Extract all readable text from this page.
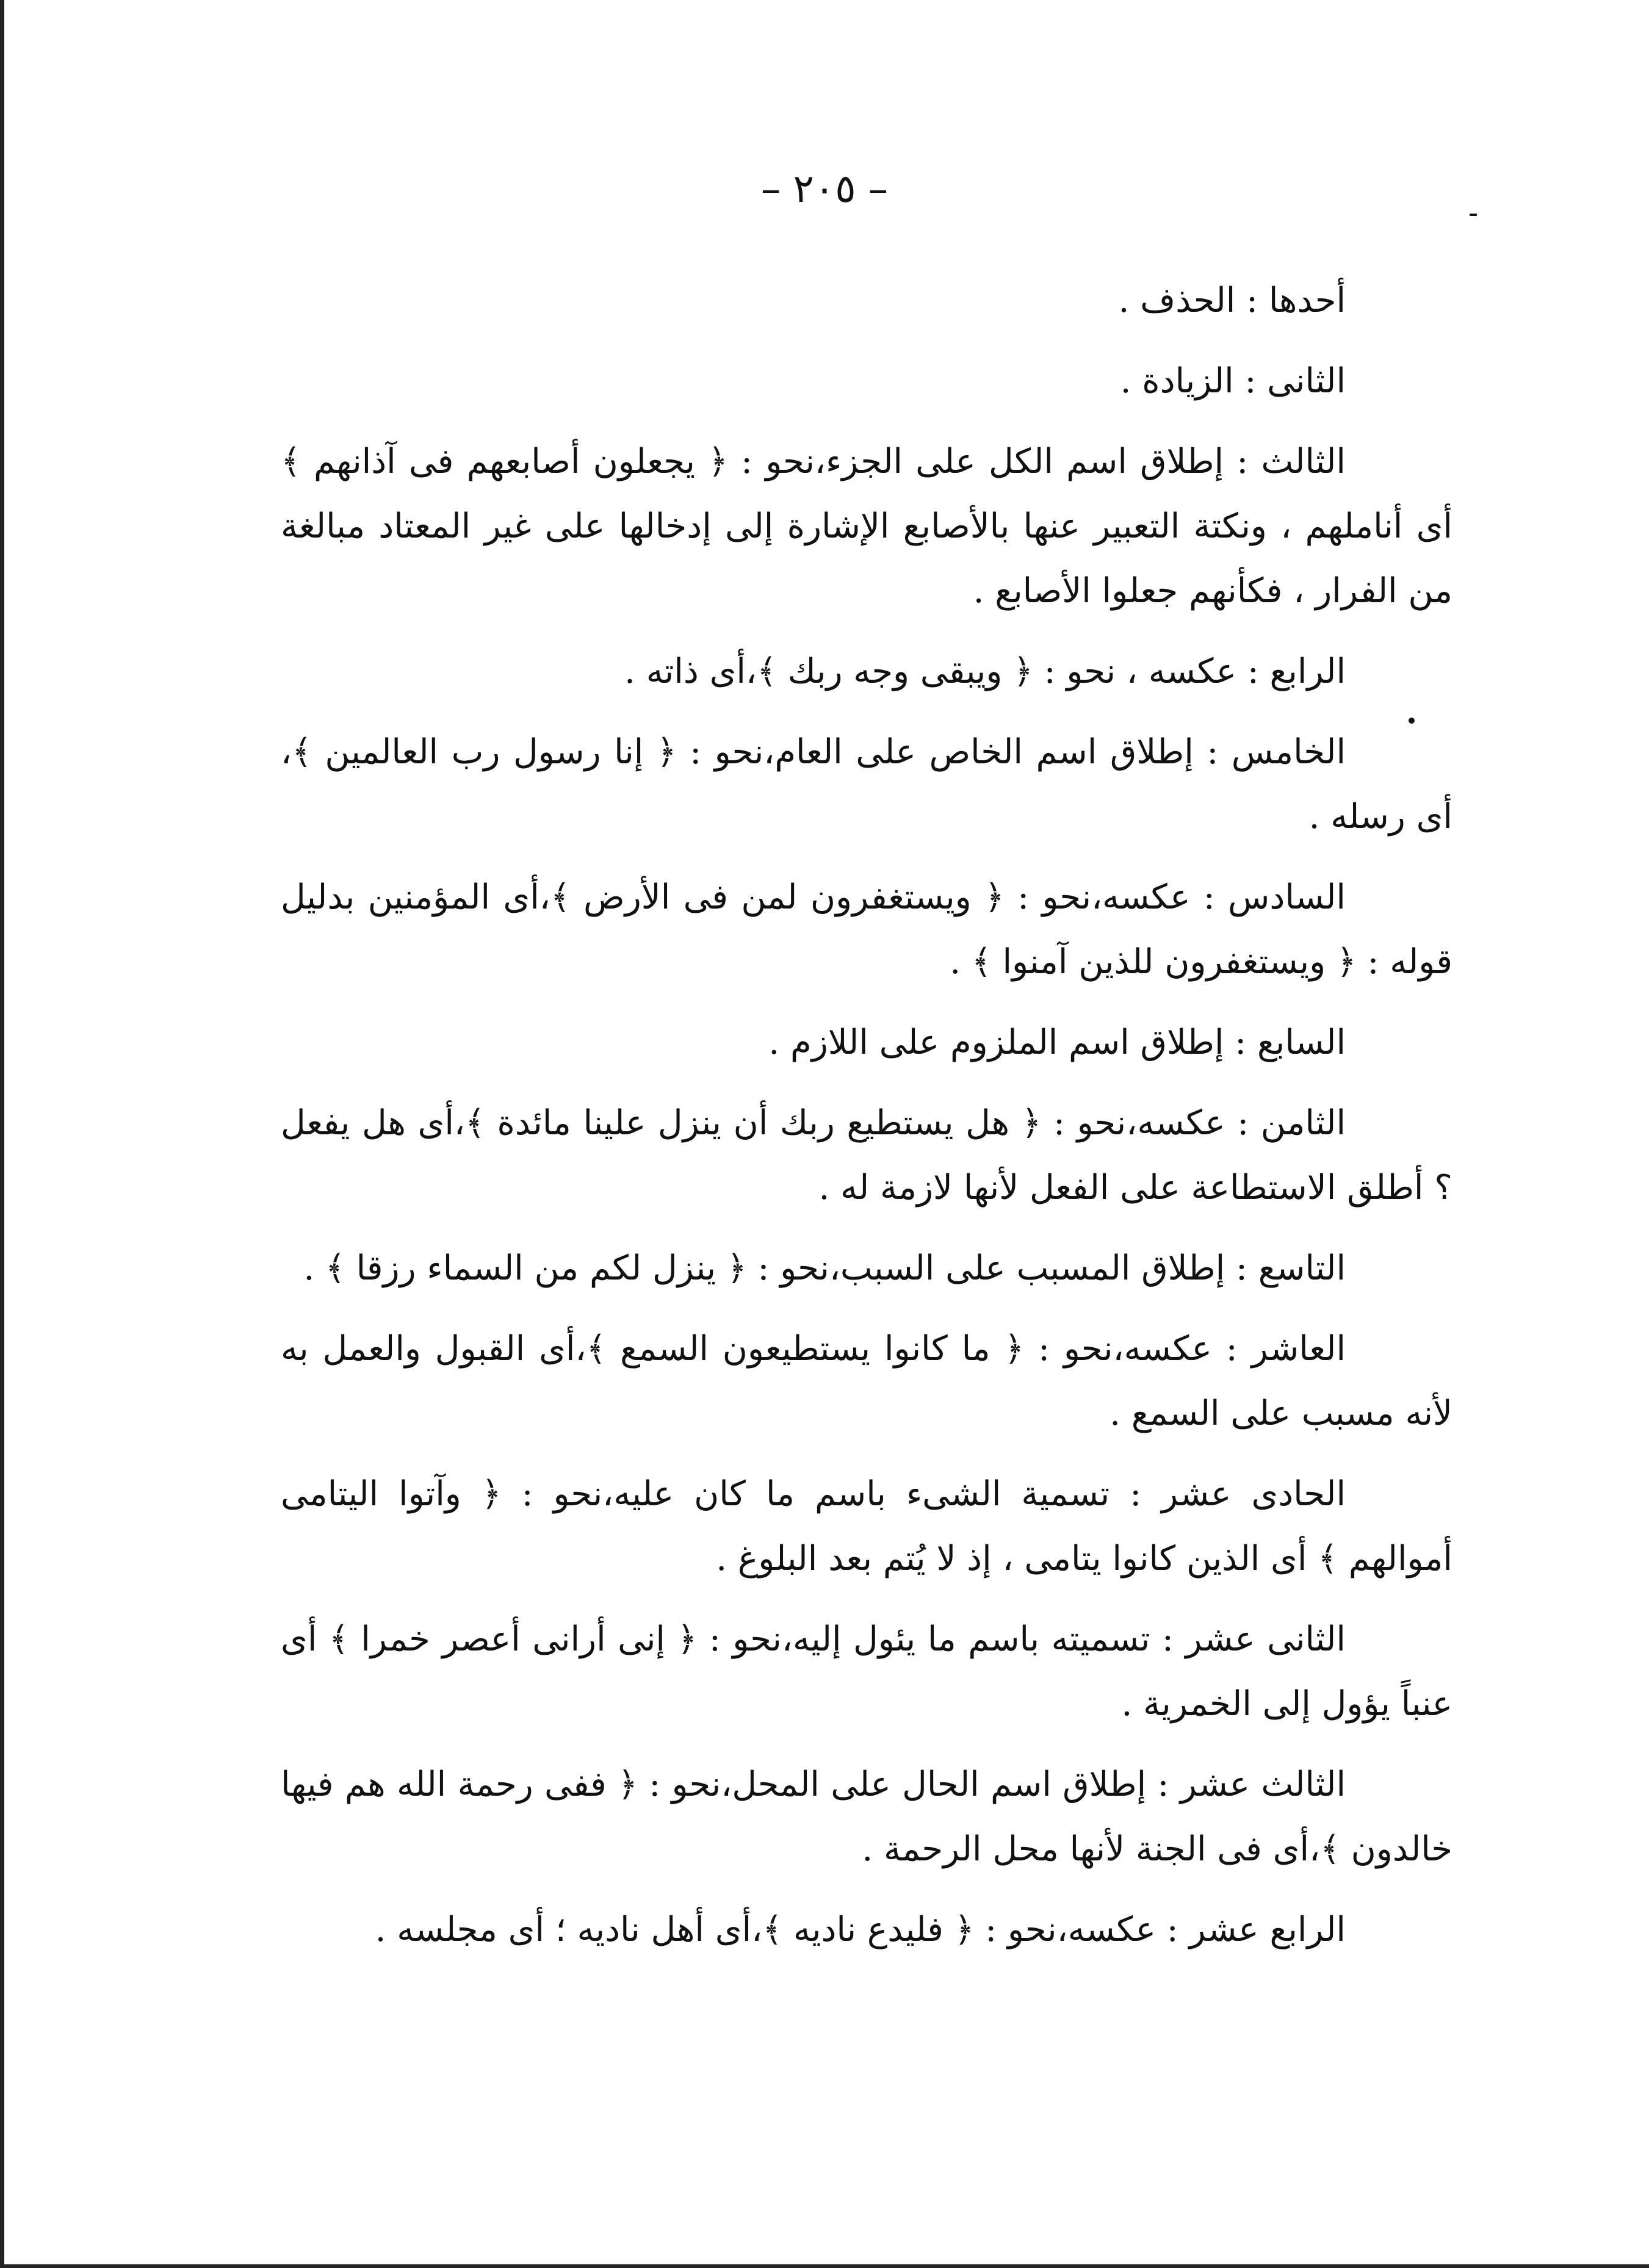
– ٢٠٥ –

أحدها : الحذف .

الثانى : الزيادة .

الثالث : إطلاق اسم الكل على الجزء،نحو : ﴿ يجعلون أصابعهم فى آذانهم ﴾ أى أناملهم ، ونكتة التعبير عنها بالأصابع الإشارة إلى إدخالها على غير المعتاد مبالغة من الفرار ، فكأنهم جعلوا الأصابع .

الرابع : عكسه ، نحو : ﴿ ويبقى وجه ربك ﴾،أى ذاته .

الخامس : إطلاق اسم الخاص على العام،نحو : ﴿ إنا رسول رب العالمين ﴾، أى رسله .

السادس : عكسه،نحو : ﴿ ويستغفرون لمن فى الأرض ﴾،أى المؤمنين بدليل قوله : ﴿ ويستغفرون للذين آمنوا ﴾ .

السابع : إطلاق اسم الملزوم على اللازم .

الثامن : عكسه،نحو : ﴿ هل يستطيع ربك أن ينزل علينا مائدة ﴾،أى هل يفعل ؟ أطلق الاستطاعة على الفعل لأنها لازمة له .

التاسع : إطلاق المسبب على السبب،نحو : ﴿ ينزل لكم من السماء رزقا ﴾ .

العاشر : عكسه،نحو : ﴿ ما كانوا يستطيعون السمع ﴾،أى القبول والعمل به لأنه مسبب على السمع .

الحادى عشر : تسمية الشىء باسم ما كان عليه،نحو : ﴿ وآتوا اليتامى أموالهم ﴾ أى الذين كانوا يتامى ، إذ لا يُتم بعد البلوغ .

الثانى عشر : تسميته باسم ما يئول إليه،نحو : ﴿ إنى أرانى أعصر خمرا ﴾ أى عنباً يؤول إلى الخمرية .

الثالث عشر : إطلاق اسم الحال على المحل،نحو : ﴿ ففى رحمة الله هم فيها خالدون ﴾،أى فى الجنة لأنها محل الرحمة .

الرابع عشر : عكسه،نحو : ﴿ فليدع ناديه ﴾،أى أهل ناديه ؛ أى مجلسه .
